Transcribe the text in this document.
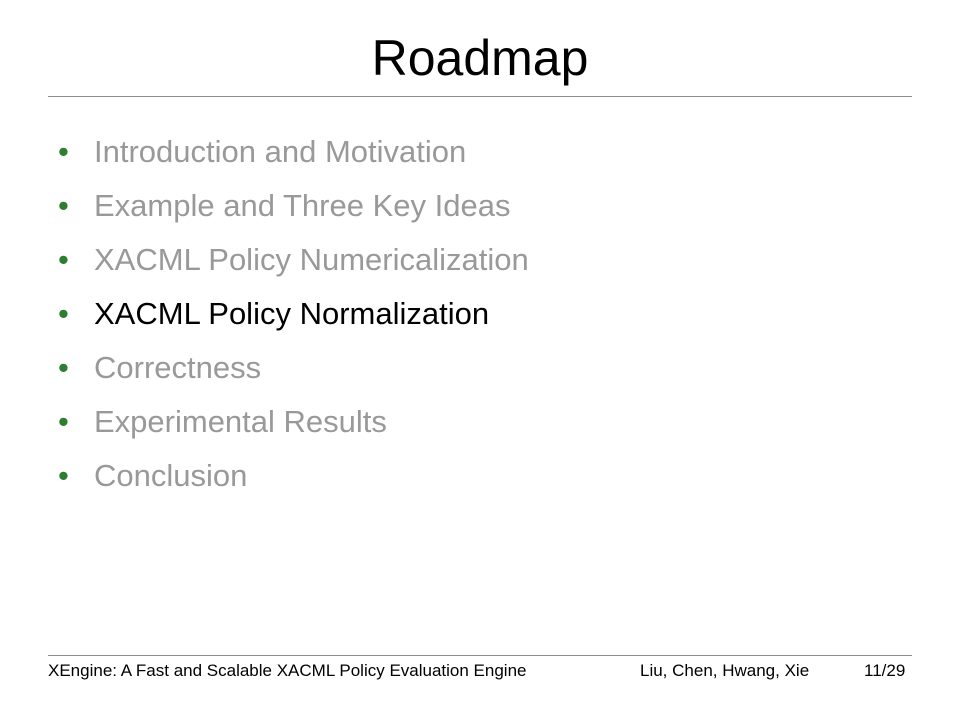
Roadmap
• Introduction and Motivation
• Example and Three Key Ideas
• XACML Policy Numericalization
• XACML Policy Normalization
• Correctness
• Experimental Results
• Conclusion
XEngine: A Fast and Scalable XACML Policy Evaluation Engine	Liu, Chen, Hwang, Xie	11/29
